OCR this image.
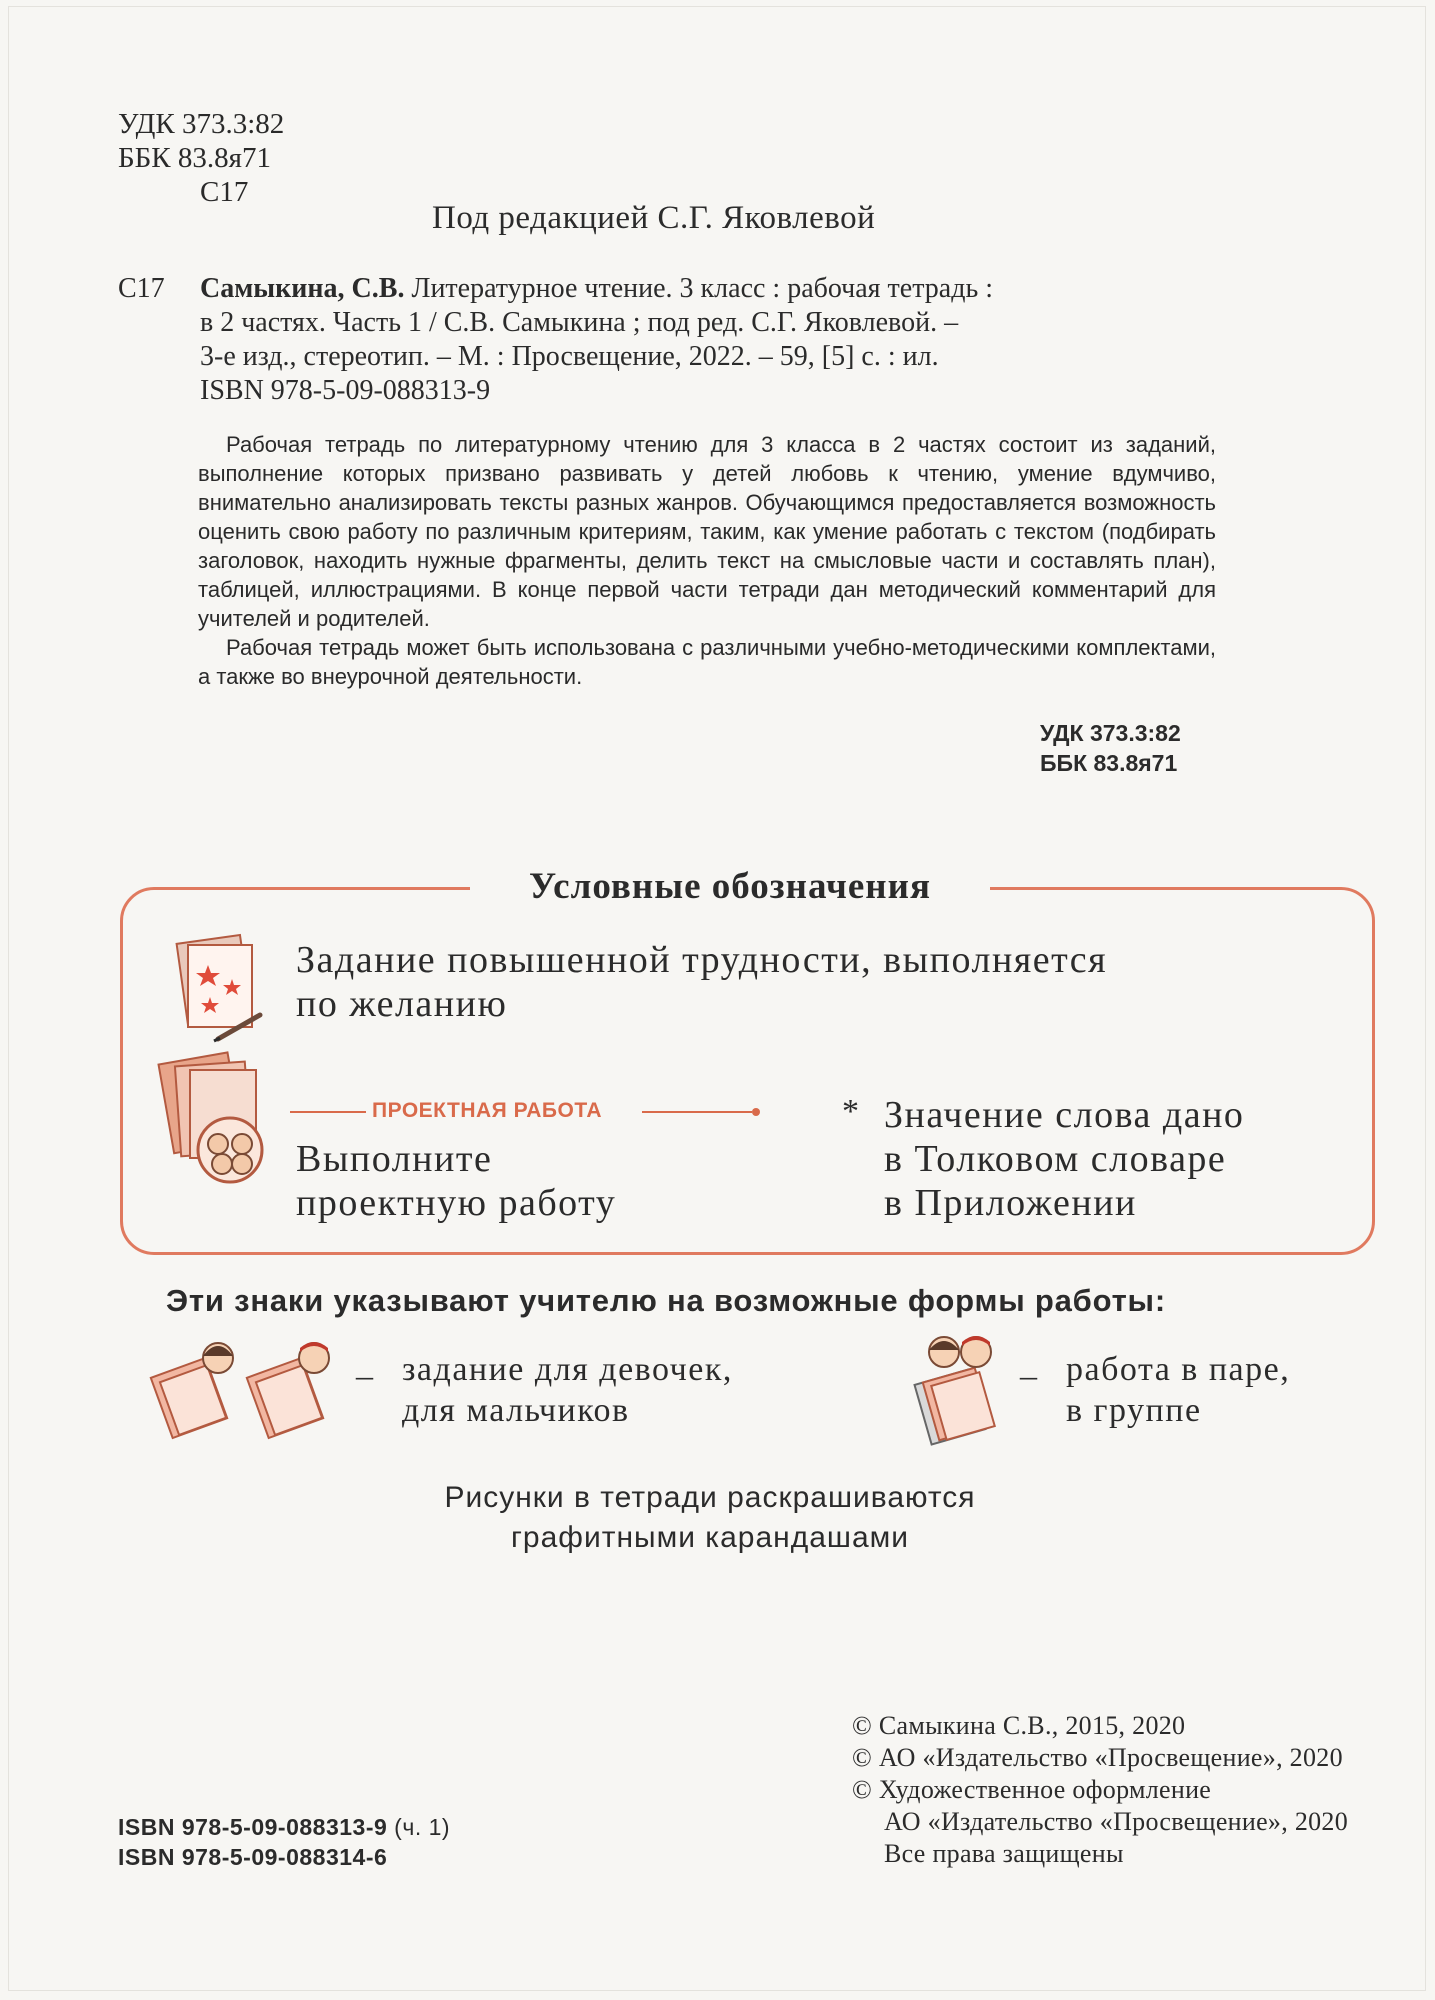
УДК 373.3:82
ББК 83.8я71
С17
Под редакцией С.Г. Яковлевой
С17 Самыкина, С.В. Литературное чтение. 3 класс : рабочая тетрадь :
в 2 частях. Часть 1 / С.В. Самыкина ; под ред. С.Г. Яковлевой. –
3-е изд., стереотип. – М. : Просвещение, 2022. – 59, [5] с. : ил.
ISBN 978-5-09-088313-9

Рабочая тетрадь по литературному чтению для 3 класса в 2 частях состоит из заданий, выполнение которых призвано развивать у детей любовь к чтению, умение вдумчиво, внимательно анализировать тексты разных жанров. Обучающимся предоставляется возможность оценить свою работу по различным критериям, таким, как умение работать с текстом (подбирать заголовок, находить нужные фрагменты, делить текст на смысловые части и составлять план), таблицей, иллюстрациями. В конце первой части тетради дан методический комментарий для учителей и родителей.

Рабочая тетрадь может быть использована с различными учебно-методическими комплектами, а также во внеурочной деятельности.

УДК 373.3:82
ББК 83.8я71
Условные обозначения
Задание повышенной трудности, выполняется
по желанию
ПРОЕКТНАЯ РАБОТА
Выполните
проектную работу
* Значение слова дано
в Толковом словаре
в Приложении
Эти знаки указывают учителю на возможные формы работы:
_ задание для девочек,
для мальчиков
_ работа в паре,
в группе
Рисунки в тетради раскрашиваются
графитными карандашами
© Самыкина С.В., 2015, 2020
© АО «Издательство «Просвещение», 2020
© Художественное оформление
АО «Издательство «Просвещение», 2020
Все права защищены
ISBN 978-5-09-088313-9 (ч. 1)
ISBN 978-5-09-088314-6
